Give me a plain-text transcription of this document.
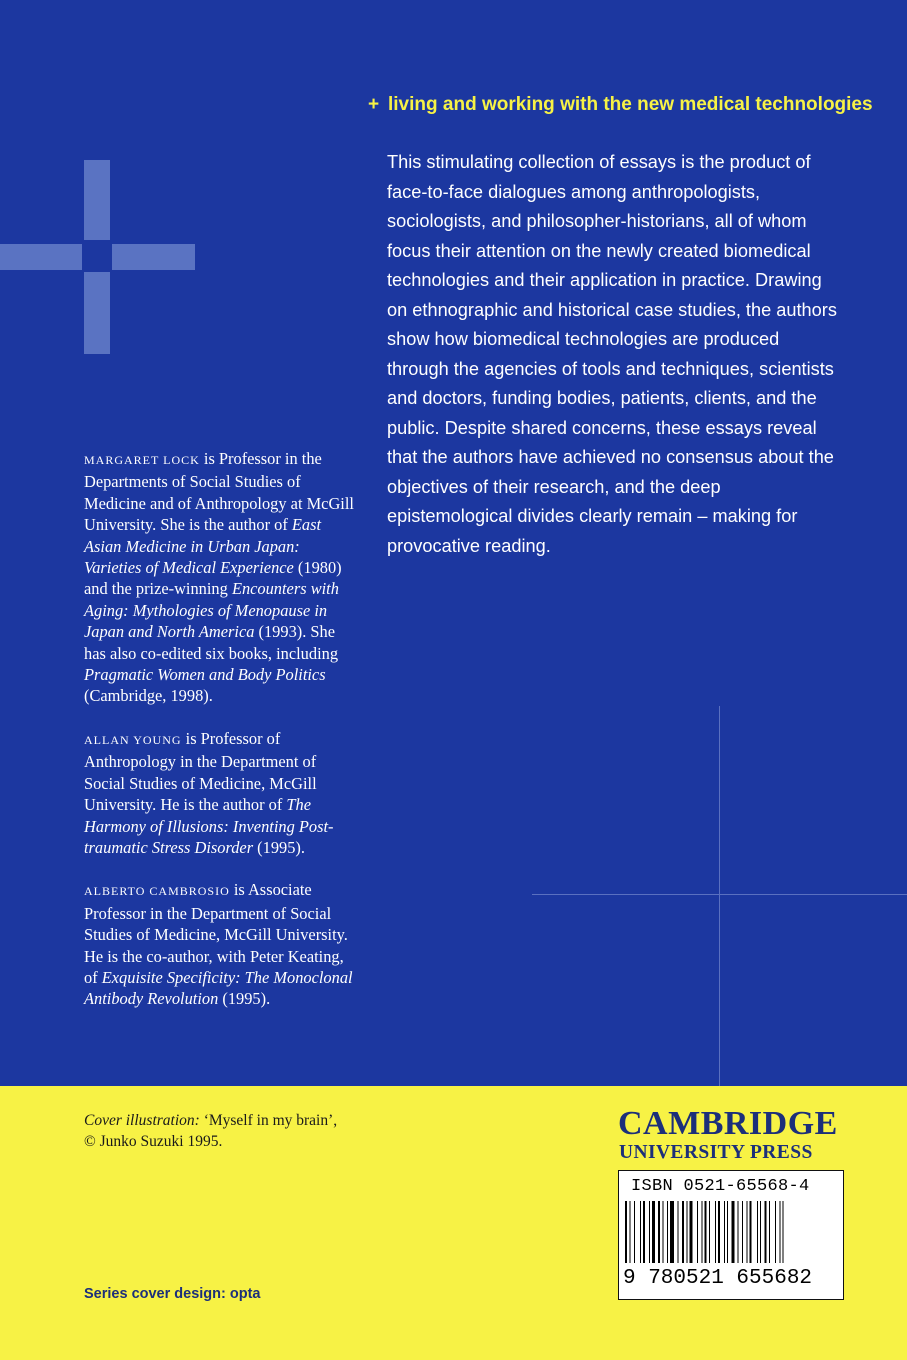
+ living and working with the new medical technologies
This stimulating collection of essays is the product of face-to-face dialogues among anthropologists, sociologists, and philosopher-historians, all of whom focus their attention on the newly created biomedical technologies and their application in practice. Drawing on ethnographic and historical case studies, the authors show how biomedical technologies are produced through the agencies of tools and techniques, scientists and doctors, funding bodies, patients, clients, and the public. Despite shared concerns, these essays reveal that the authors have achieved no consensus about the objectives of their research, and the deep epistemological divides clearly remain – making for provocative reading.

MARGARET LOCK is Professor in the Departments of Social Studies of Medicine and of Anthropology at McGill University. She is the author of East Asian Medicine in Urban Japan: Varieties of Medical Experience (1980) and the prize-winning Encounters with Aging: Mythologies of Menopause in Japan and North America (1993). She has also co-edited six books, including Pragmatic Women and Body Politics (Cambridge, 1998).

ALLAN YOUNG is Professor of Anthropology in the Department of Social Studies of Medicine, McGill University. He is the author of The Harmony of Illusions: Inventing Post-traumatic Stress Disorder (1995).

ALBERTO CAMBROSIO is Associate Professor in the Department of Social Studies of Medicine, McGill University. He is the co-author, with Peter Keating, of Exquisite Specificity: The Monoclonal Antibody Revolution (1995).

Cover illustration: ‘Myself in my brain’,
© Junko Suzuki 1995.
Series cover design: opta
CAMBRIDGE
UNIVERSITY PRESS
ISBN 0521-65568-4
9 780521 655682
